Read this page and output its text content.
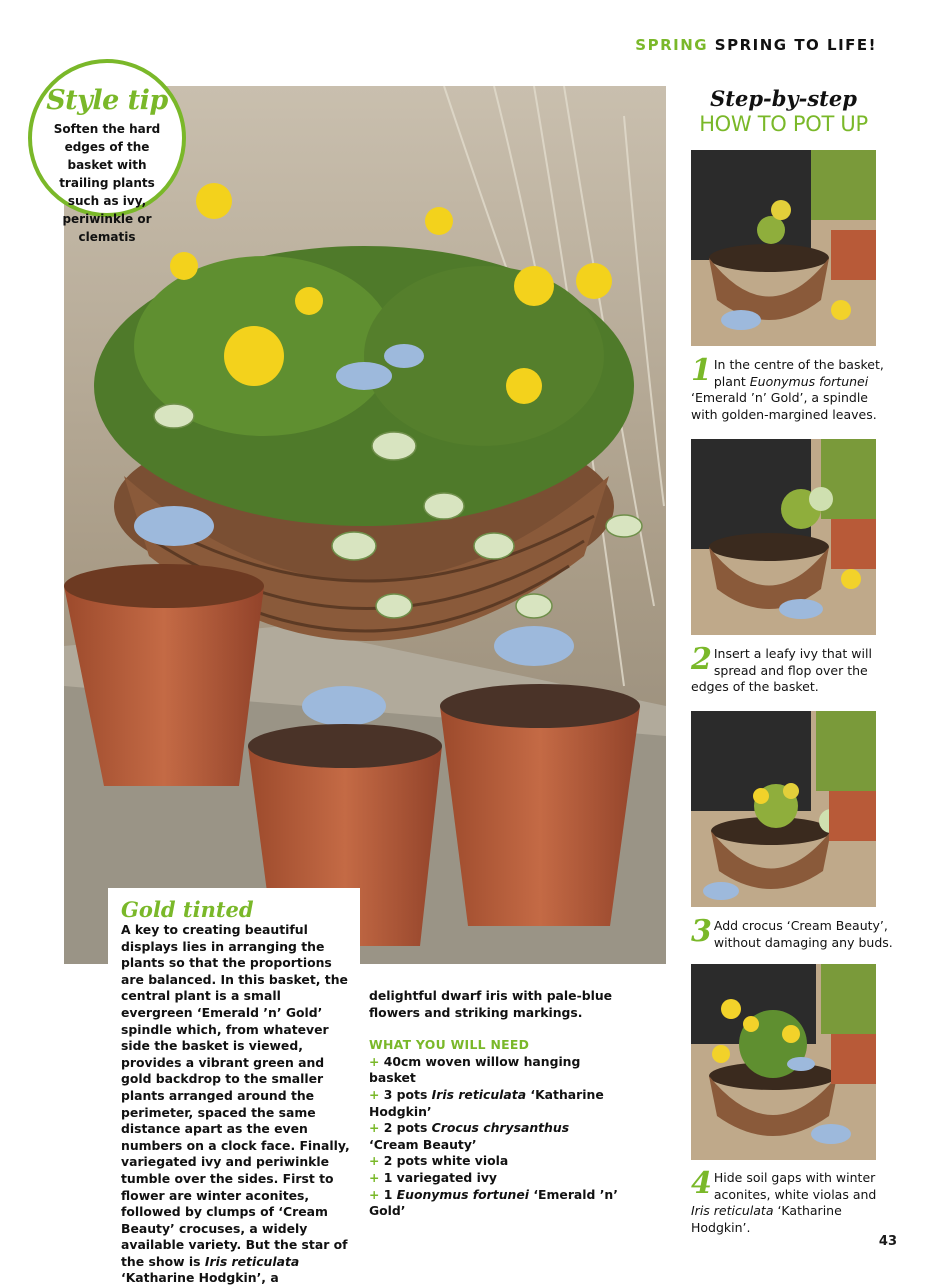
SPRING SPRING TO LIFE!
Style tip
Soften the hard edges of the basket with trailing plants such as ivy, periwinkle or clematis
Step-by-step
HOW TO POT UP
1 In the centre of the basket, plant Euonymus fortunei ‘Emerald ’n’ Gold’, a spindle with golden-margined leaves.
2 Insert a leafy ivy that will spread and flop over the edges of the basket.
3 Add crocus ‘Cream Beauty’, without damaging any buds.
4 Hide soil gaps with winter aconites, white violas and Iris reticulata ‘Katharine Hodgkin’.
Gold tinted
A key to creating beautiful displays lies in arranging the plants so that the proportions are balanced. In this basket, the central plant is a small evergreen ‘Emerald ’n’ Gold’ spindle which, from whatever side the basket is viewed, provides a vibrant green and gold backdrop to the smaller plants arranged around the perimeter, spaced the same distance apart as the even numbers on a clock face. Finally, variegated ivy and periwinkle tumble over the sides. First to flower are winter aconites, followed by clumps of ‘Cream Beauty’ crocuses, a widely available variety. But the star of the show is Iris reticulata ‘Katharine Hodgkin’, a
delightful dwarf iris with pale-blue flowers and striking markings.
WHAT YOU WILL NEED
+ 40cm woven willow hanging basket
+ 3 pots Iris reticulata ‘Katharine Hodgkin’
+ 2 pots Crocus chrysanthus ‘Cream Beauty’
+ 2 pots white viola
+ 1 variegated ivy
+ 1 Euonymus fortunei ‘Emerald ’n’ Gold’
43
